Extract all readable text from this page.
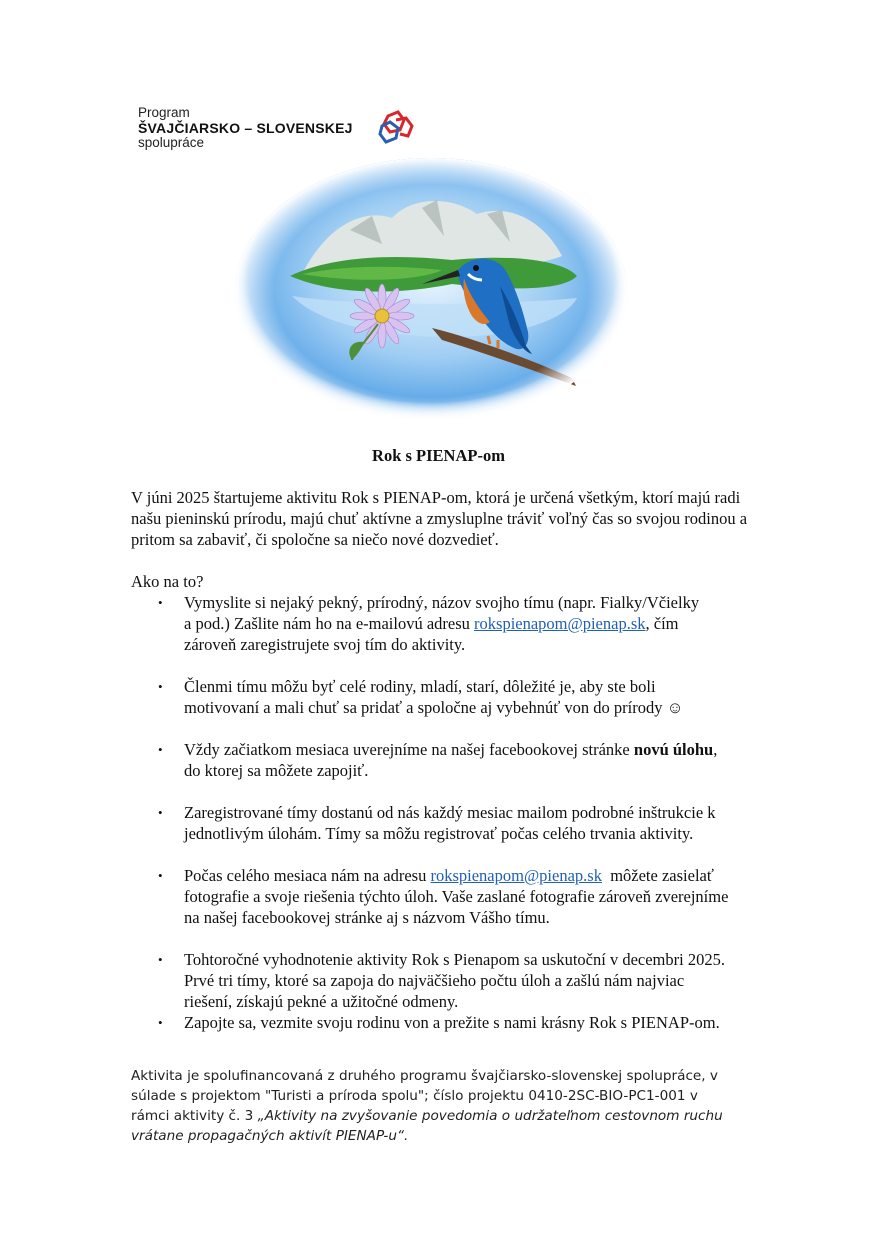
Program
ŠVAJČIARSKO – SLOVENSKEJ
spolupráce
Rok s PIENAP-om
V júni 2025 štartujeme aktivitu Rok s PIENAP-om, ktorá je určená všetkým, ktorí majú radi našu pieninskú prírodu, majú chuť aktívne a zmysluplne tráviť voľný čas so svojou rodinou a pritom sa zabaviť, či spoločne sa niečo nové dozvedieť.
Ako na to?
• Vymyslite si nejaký pekný, prírodný, názov svojho tímu (napr. Fialky/Včielky
a pod.) Zašlite nám ho na e-mailovú adresu rokspienapom@pienap.sk, čím
zároveň zaregistrujete svoj tím do aktivity.
• Členmi tímu môžu byť celé rodiny, mladí, starí, dôležité je, aby ste boli
motivovaní a mali chuť sa pridať a spoločne aj vybehnúť von do prírody ☺
• Vždy začiatkom mesiaca uverejníme na našej facebookovej stránke novú úlohu,
do ktorej sa môžete zapojiť.
• Zaregistrované tímy dostanú od nás každý mesiac mailom podrobné inštrukcie k
jednotlivým úlohám. Tímy sa môžu registrovať počas celého trvania aktivity.
• Počas celého mesiaca nám na adresu rokspienapom@pienap.sk  môžete zasielať
fotografie a svoje riešenia týchto úloh. Vaše zaslané fotografie zároveň zverejníme
na našej facebookovej stránke aj s názvom Vášho tímu.
• Tohtoročné vyhodnotenie aktivity Rok s Pienapom sa uskutoční v decembri 2025.
Prvé tri tímy, ktoré sa zapoja do najväčšieho počtu úloh a zašlú nám najviac
riešení, získajú pekné a užitočné odmeny.
• Zapojte sa, vezmite svoju rodinu von a prežite s nami krásny Rok s PIENAP-om.
Aktivita je spolufinancovaná z druhého programu švajčiarsko-slovenskej spolupráce, v
súlade s projektom "Turisti a príroda spolu"; číslo projektu 0410-2SC-BIO-PC1-001 v
rámci aktivity č. 3 „Aktivity na zvyšovanie povedomia o udržateľnom cestovnom ruchu
vrátane propagačných aktivít PIENAP-u“.
